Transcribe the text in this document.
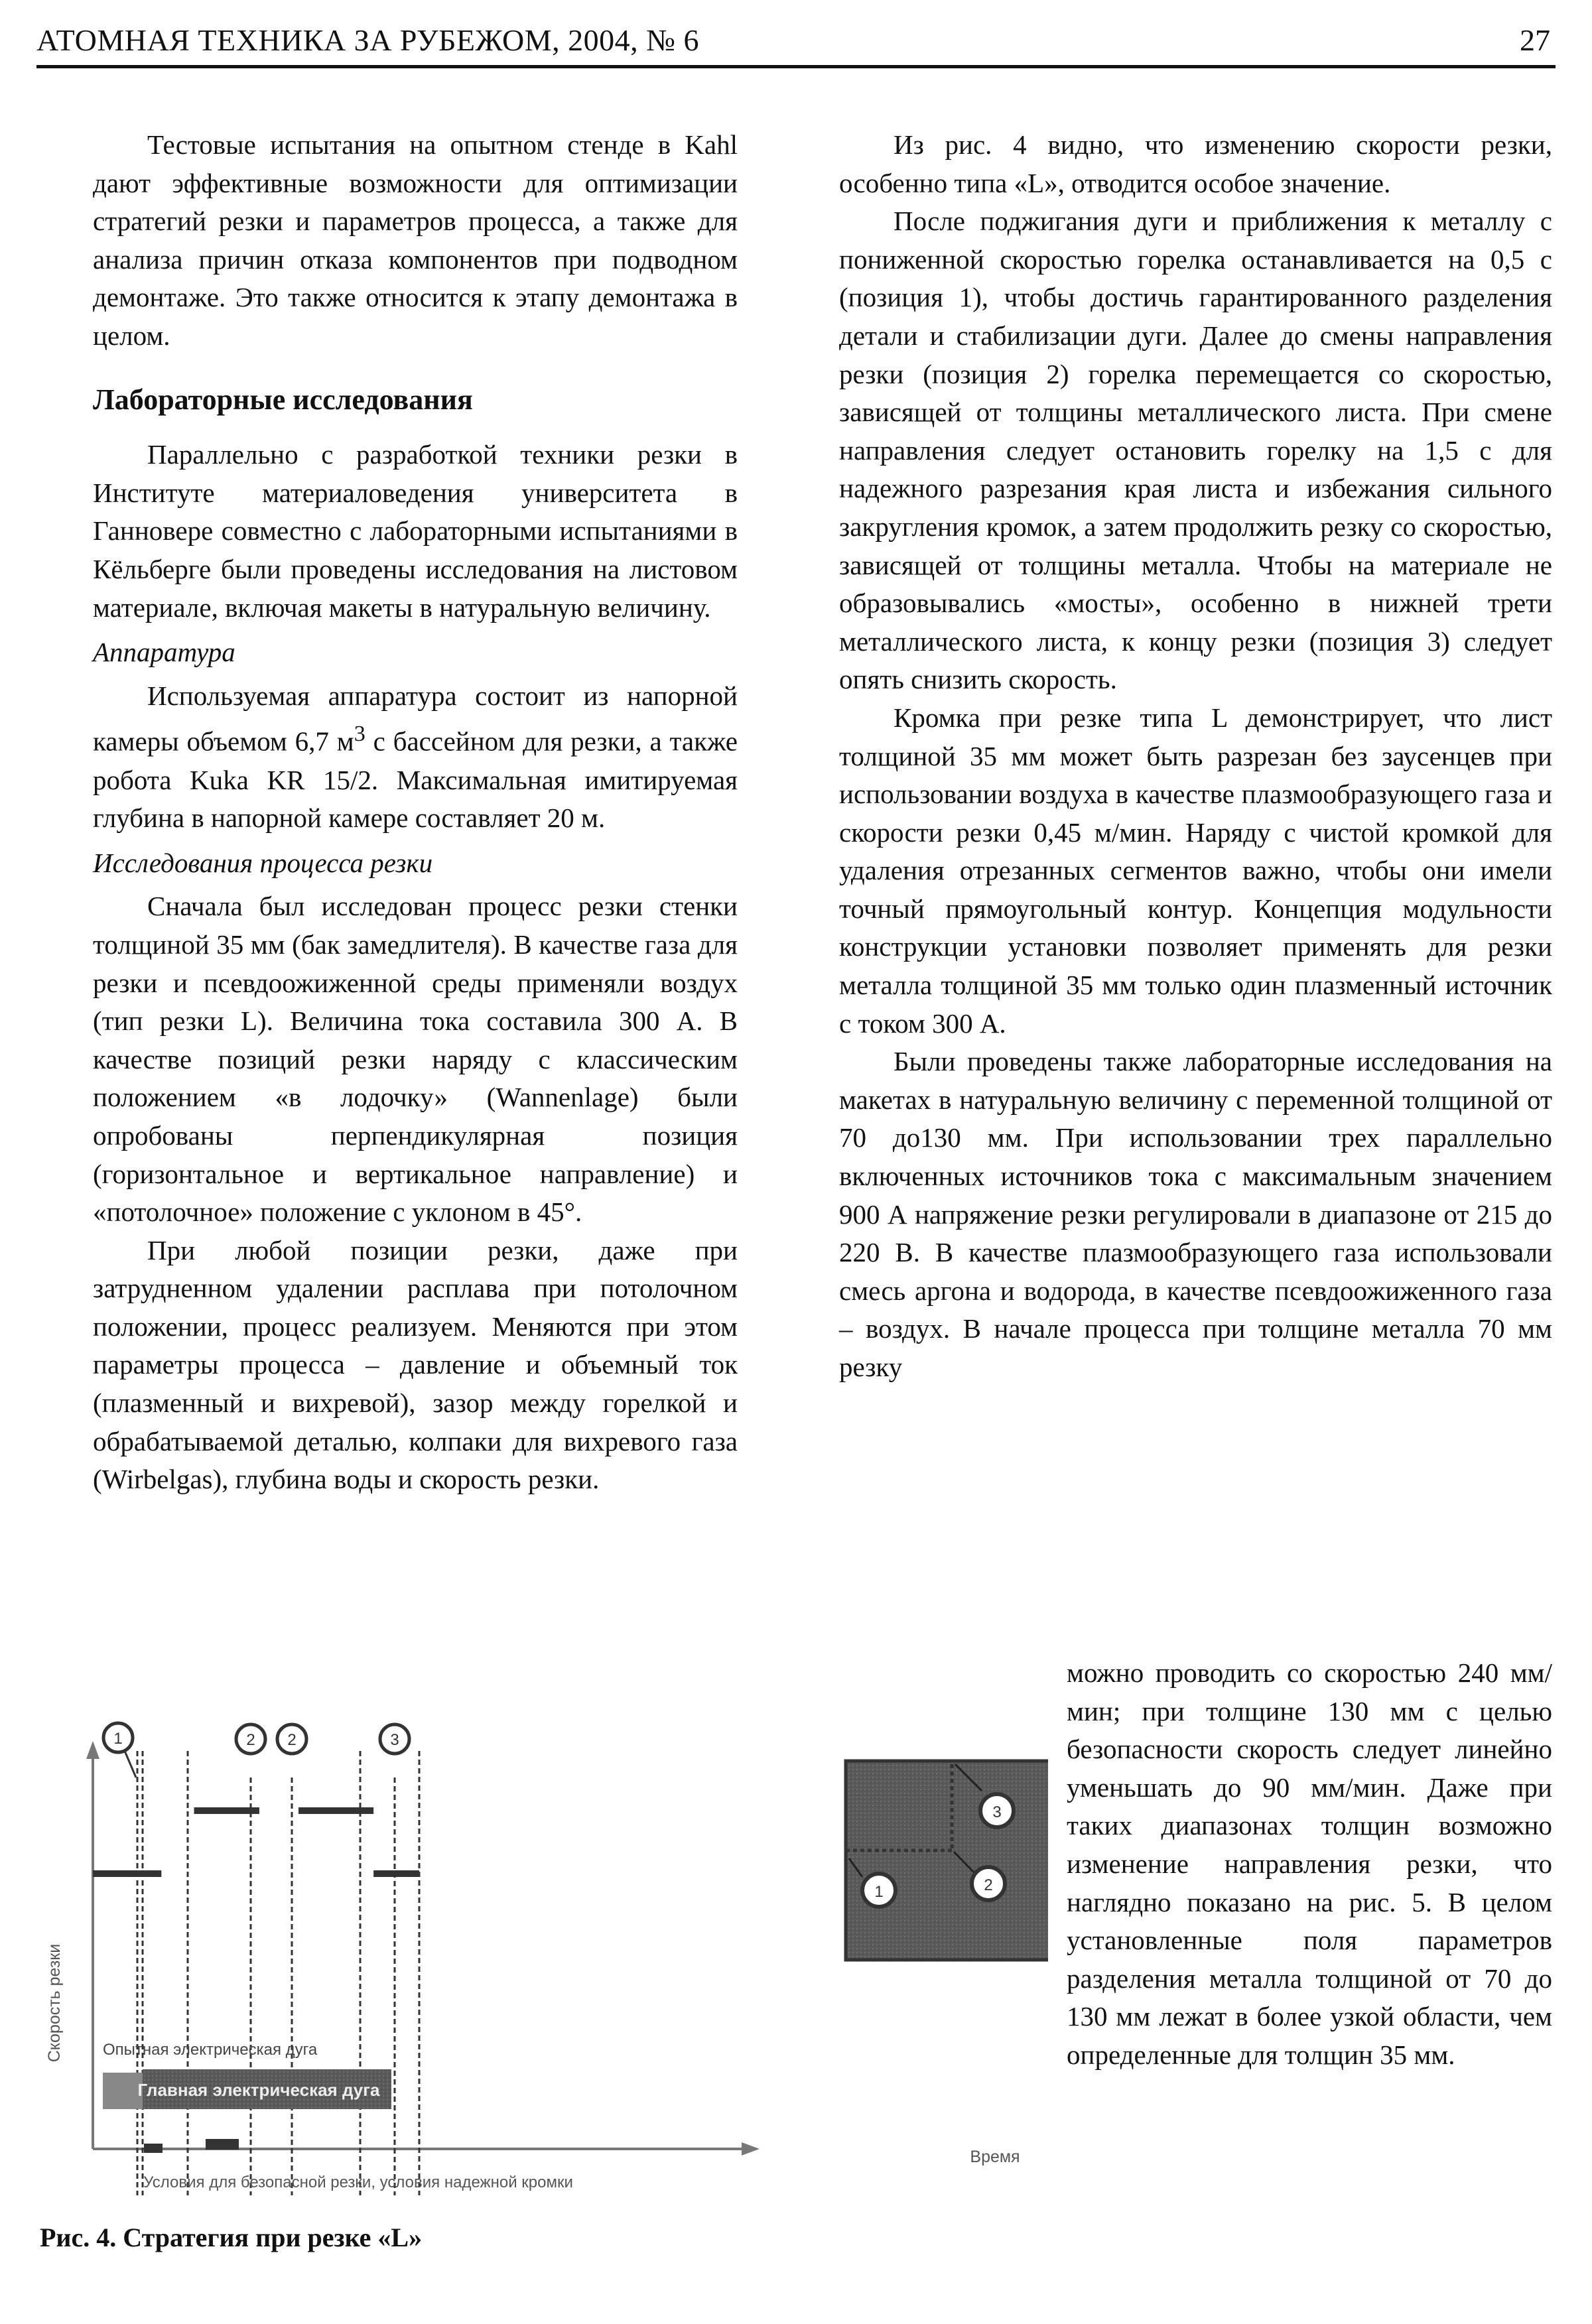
АТОМНАЯ ТЕХНИКА ЗА РУБЕЖОМ, 2004, № 6	27

Тестовые испытания на опытном стенде в Kahl дают эффективные возможности для оптимизации стратегий резки и параметров процесса, а также для анализа причин отказа компонентов при подводном демонтаже. Это также относится к этапу демонтажа в целом.

Лабораторные исследования

Параллельно с разработкой техники резки в Институте материаловедения университета в Ганновере совместно с лабораторными испытаниями в Кёльберге были проведены исследования на листовом материале, включая макеты в натуральную величину.

Аппаратура

Используемая аппаратура состоит из напорной камеры объемом 6,7 $м^3$ с бассейном для резки, а также робота Kuka KR 15/2. Максимальная имитируемая глубина в напорной камере составляет 20 м.

Исследования процесса резки

Сначала был исследован процесс резки стенки толщиной 35 мм (бак замедлителя). В качестве газа для резки и псевдоожиженной среды применяли воздух (тип резки L). Величина тока составила 300 А. В качестве позиций резки наряду с классическим положением «в лодочку» (Wannenlage) были опробованы перпендикулярная позиция (горизонтальное и вертикальное направление) и «потолочное» положение с уклоном в 45°.

При любой позиции резки, даже при затрудненном удалении расплава при потолочном положении, процесс реализуем. Меняются при этом параметры процесса – давление и объемный ток (плазменный и вихревой), зазор между горелкой и обрабатываемой деталью, колпаки для вихревого газа (Wirbelgas), глубина воды и скорость резки.

Из рис. 4 видно, что изменению скорости резки, особенно типа «L», отводится особое значение.

После поджигания дуги и приближения к металлу с пониженной скоростью горелка останавливается на 0,5 с (позиция 1), чтобы достичь гарантированного разделения детали и стабилизации дуги. Далее до смены направления резки (позиция 2) горелка перемещается со скоростью, зависящей от толщины металлического листа. При смене направления следует остановить горелку на 1,5 с для надежного разрезания края листа и избежания сильного закругления кромок, а затем продолжить резку со скоростью, зависящей от толщины металла. Чтобы на материале не образовывались «мосты», особенно в нижней трети металлического листа, к концу резки (позиция 3) следует опять снизить скорость.

Кромка при резке типа L демонстрирует, что лист толщиной 35 мм может быть разрезан без заусенцев при использовании воздуха в качестве плазмообразующего газа и скорости резки 0,45 м/мин. Наряду с чистой кромкой для удаления отрезанных сегментов важно, чтобы они имели точный прямоугольный контур. Концепция модульности конструкции установки позволяет применять для резки металла толщиной 35 мм только один плазменный источник с током 300 А.

Были проведены также лабораторные исследования на макетах в натуральную величину с переменной толщиной от 70 до130 мм. При использовании трех параллельно включенных источников тока с максимальным значением 900 А напряжение резки регулировали в диапазоне от 215 до 220 В. В качестве плазмообразующего газа использовали смесь аргона и водорода, в качестве псевдоожиженного газа – воздух. В начале процесса при толщине металла 70 мм резку

можно проводить со скоростью 240 мм/мин; при толщине 130 мм с целью безопасности скорость следует линейно уменьшать до 90 мм/мин. Даже при таких диапазонах толщин возможно изменение направления резки, что наглядно показано на рис. 5. В целом установленные поля параметров разделения металла толщиной от 70 до 130 мм лежат в более узкой области, чем определенные для толщин 35 мм.

Скорость резки
Время
1	2 2	3
Опытная электрическая дуга
Главная электрическая дуга
Условия для безопасной резки, условия надежной кромки
1	2
3
Рис. 4. Стратегия при резке «L»
